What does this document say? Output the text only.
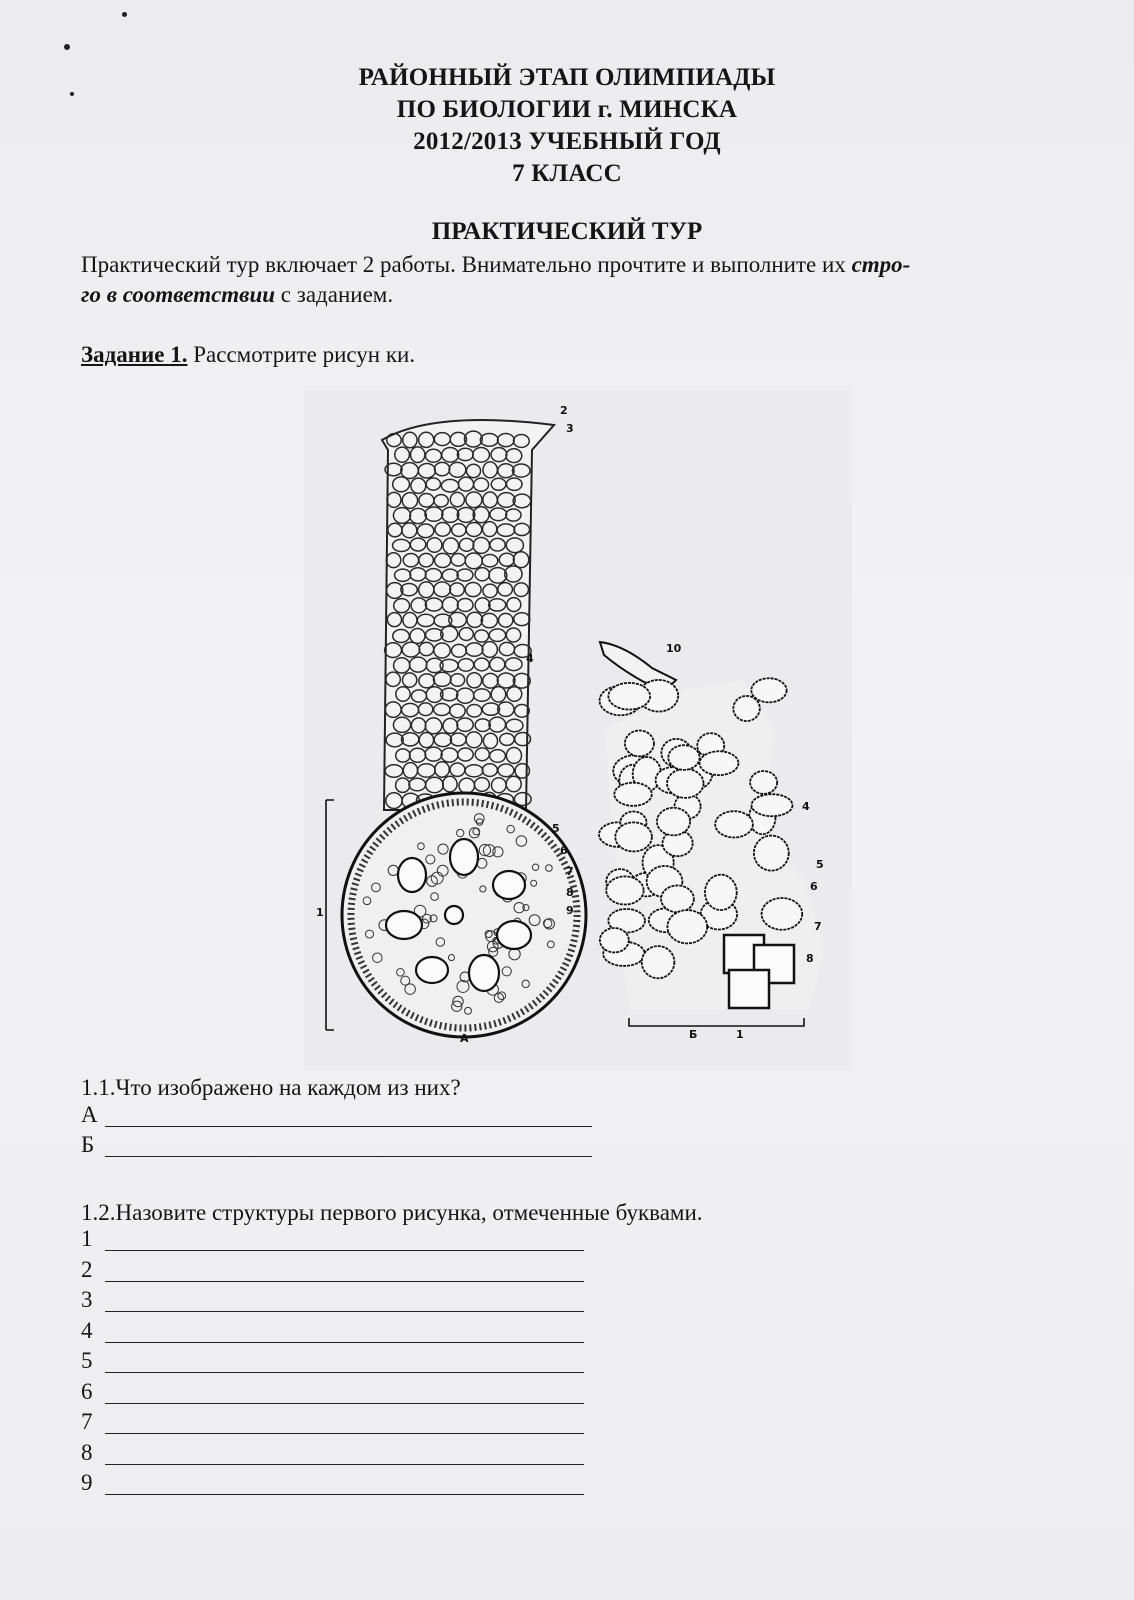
РАЙОННЫЙ ЭТАП ОЛИМПИАДЫ
ПО БИОЛОГИИ г. МИНСКА
2012/2013 УЧЕБНЫЙ ГОД
7 КЛАСС
ПРАКТИЧЕСКИЙ ТУР
Практический тур включает 2 работы. Внимательно прочтите и выполните их стро-
го в соответствии с заданием.
Задание 1. Рассмотрите рисун ки.
2
3
4
5
6
7
8
9
1
А
10
4
5
6
7
8
Б	1
1.1.Что изображено на каждом из них?
А
Б
1.2.Назовите структуры первого рисунка, отмеченные буквами.
1
2
3
4
5
6
7
8
9
